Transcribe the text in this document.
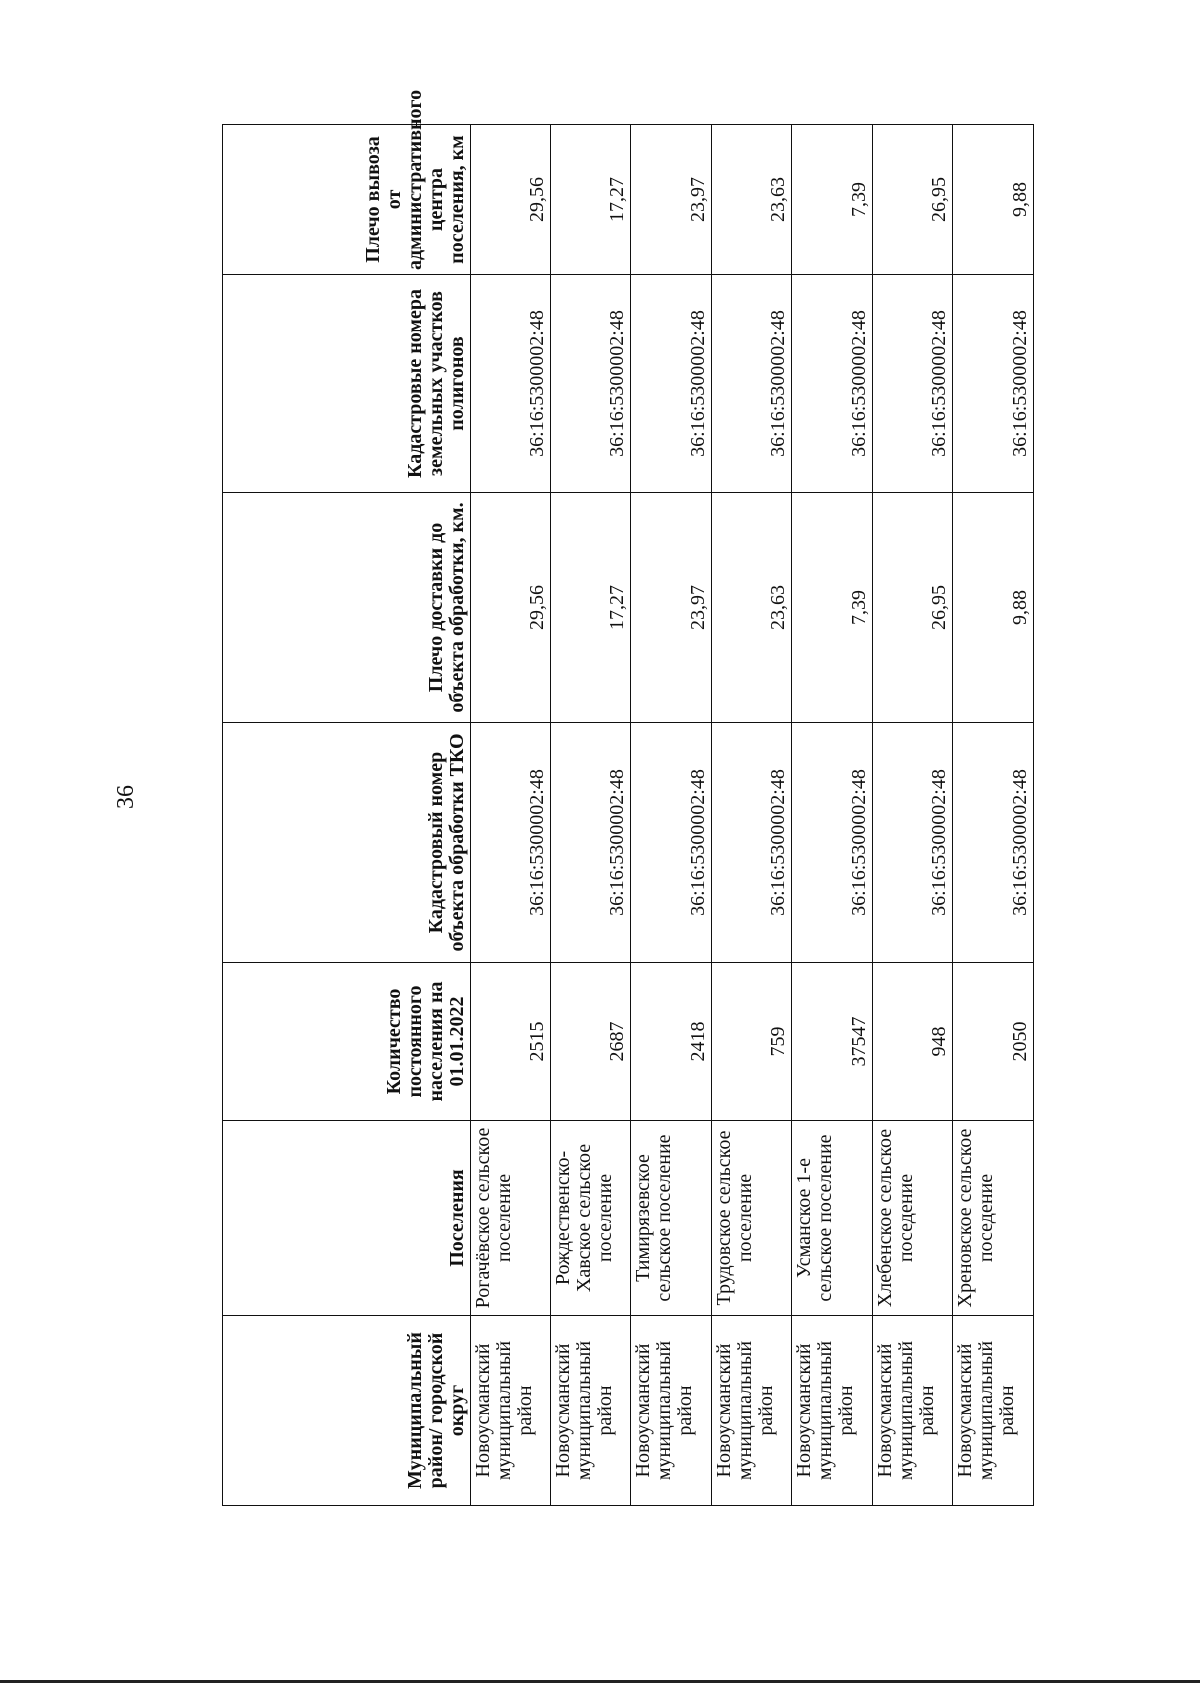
36
Муниципальный район/ городской округ	Поселения	Количество постоянного населения на 01.01.2022	Кадастровый номер объекта обработки ТКО	Плечо доставки до объекта обработки, км.	Кадастровые номера земельных участков полигонов	Плечо вывоза от административного центра поселения, км
Новоусманский муниципальный район	Рогачёвское сельское поселение	2515	36:16:5300002:48	29,56	36:16:5300002:48	29,56
Новоусманский муниципальный район	Рождественско-Хавское сельское поселение	2687	36:16:5300002:48	17,27	36:16:5300002:48	17,27
Новоусманский муниципальный район	Тимирязевское сельское поселение	2418	36:16:5300002:48	23,97	36:16:5300002:48	23,97
Новоусманский муниципальный район	Трудовское сельское поселение	759	36:16:5300002:48	23,63	36:16:5300002:48	23,63
Новоусманский муниципальный район	Усманское 1-е сельское поселение	37547	36:16:5300002:48	7,39	36:16:5300002:48	7,39
Новоусманский муниципальный район	Хлебенское сельское поседение	948	36:16:5300002:48	26,95	36:16:5300002:48	26,95
Новоусманский муниципальный район	Хреновское сельское поседение	2050	36:16:5300002:48	9,88	36:16:5300002:48	9,88
